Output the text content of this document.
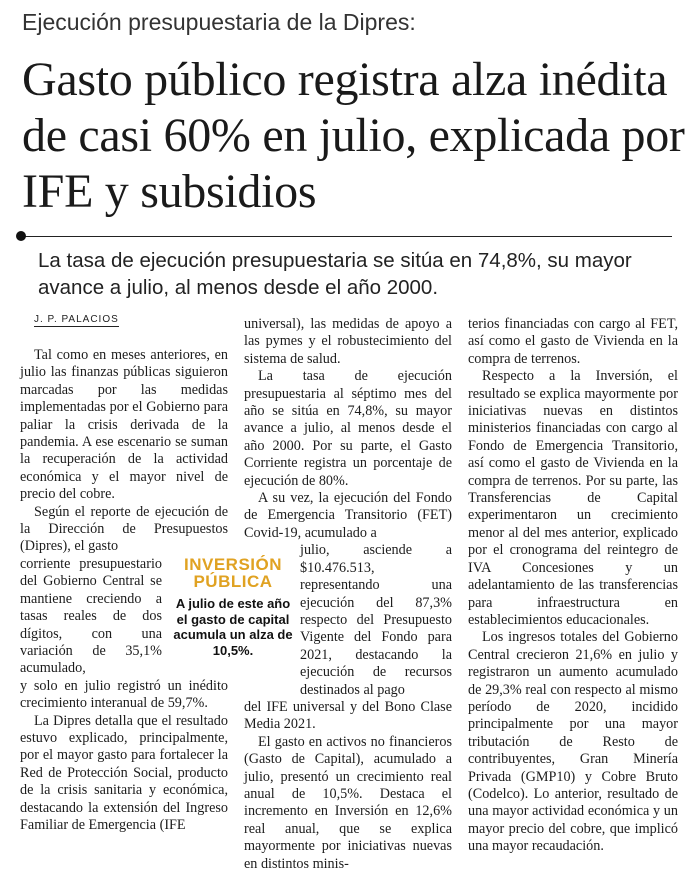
Ejecución presupuestaria de la Dipres:
Gasto público registra alza inédita de casi 60% en julio, explicada por IFE y subsidios
La tasa de ejecución presupuestaria se sitúa en 74,8%, su mayor avance a julio, al menos desde el año 2000.
J. P. PALACIOS

Tal como en meses anteriores, en julio las finanzas públicas siguieron marcadas por las medidas implementadas por el Gobierno para paliar la crisis derivada de la pandemia. A ese escenario se suman la recuperación de la actividad económica y el mayor nivel de precio del cobre.

Según el reporte de ejecución de la Dirección de Presupuestos (Dipres), el gasto

corriente presupuestario del Gobierno Central se mantiene creciendo a tasas reales de dos dígitos, con una variación de 35,1% acumulado,

y solo en julio registró un inédito crecimiento interanual de 59,7%.

La Dipres detalla que el resultado estuvo explicado, principalmente, por el mayor gasto para fortalecer la Red de Protección Social, producto de la crisis sanitaria y económica, destacando la extensión del Ingreso Familiar de Emergencia (IFE

universal), las medidas de apoyo a las pymes y el robustecimiento del sistema de salud.

La tasa de ejecución presupuestaria al séptimo mes del año se sitúa en 74,8%, su mayor avance a julio, al menos desde el año 2000. Por su parte, el Gasto Corriente registra un porcentaje de ejecución de 80%.

A su vez, la ejecución del Fondo de Emergencia Transitorio (FET) Covid-19, acumulado a

julio, asciende a $10.476.513, representando una ejecución del 87,3% respecto del Presupuesto Vigente del Fondo para 2021, destacando la ejecución de recursos destinados al pago

del IFE universal y del Bono Clase Media 2021.

El gasto en activos no financieros (Gasto de Capital), acumulado a julio, presentó un crecimiento real anual de 10,5%. Destaca el incremento en Inversión en 12,6% real anual, que se explica mayormente por iniciativas nuevas en distintos minis-

terios financiadas con cargo al FET, así como el gasto de Vivienda en la compra de terrenos.

Respecto a la Inversión, el resultado se explica mayormente por iniciativas nuevas en distintos ministerios financiadas con cargo al Fondo de Emergencia Transitorio, así como el gasto de Vivienda en la compra de terrenos. Por su parte, las Transferencias de Capital experimentaron un crecimiento menor al del mes anterior, explicado por el cronograma del reintegro de IVA Concesiones y un adelantamiento de las transferencias para infraestructura en establecimientos educacionales.

Los ingresos totales del Gobierno Central crecieron 21,6% en julio y registraron un aumento acumulado de 29,3% real con respecto al mismo período de 2020, incidido principalmente por una mayor tributación de Resto de contribuyentes, Gran Minería Privada (GMP10) y Cobre Bruto (Codelco). Lo anterior, resultado de una mayor actividad económica y un mayor precio del cobre, que implicó una mayor recaudación.

INVERSIÓN
PÚBLICA
A julio de este año el gasto de capital acumula un alza de 10,5%.
